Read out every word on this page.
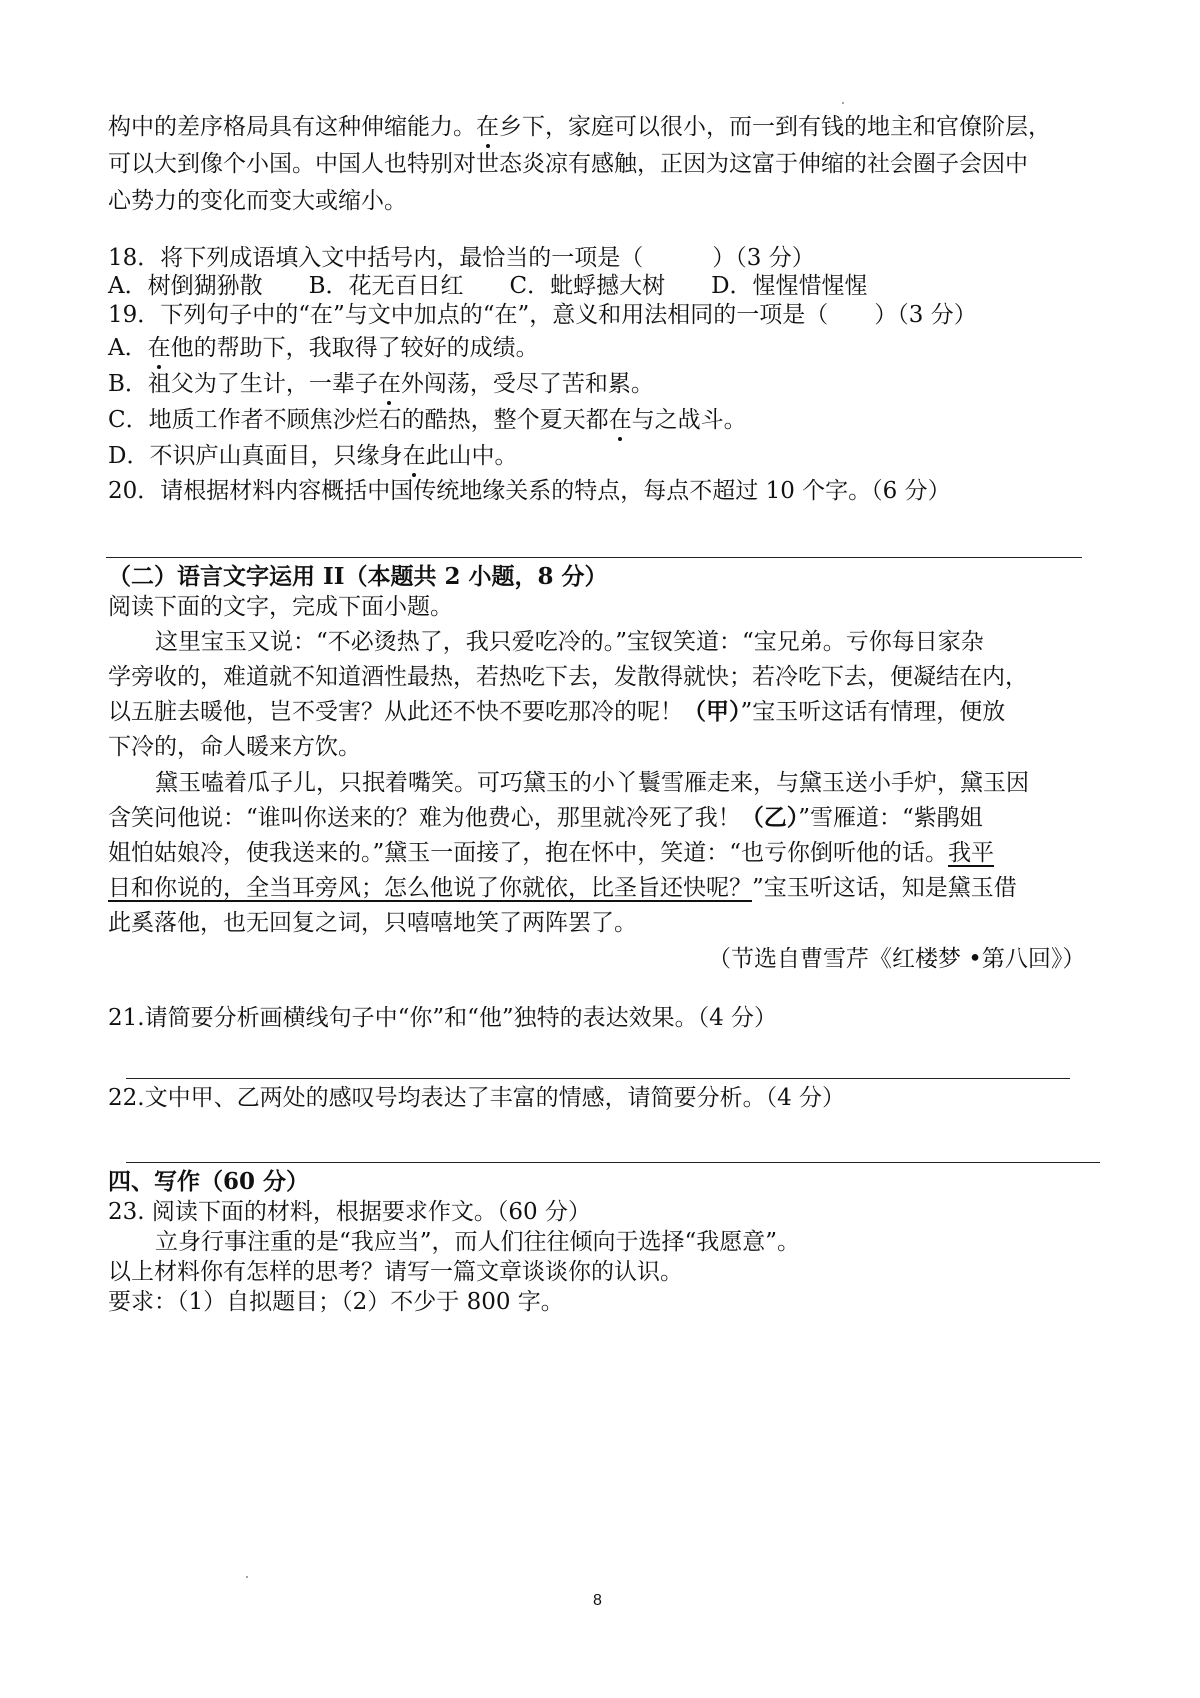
构中的差序格局具有这种伸缩能力。在乡下，家庭可以很小，而一到有钱的地主和官僚阶层，
可以大到像个小国。中国人也特别对世态炎凉有感触，正因为这富于伸缩的社会圈子会因中
心势力的变化而变大或缩小。
18．将下列成语填入文中括号内，最恰当的一项是（　　　）（3 分）
A．树倒猢狲散　　B．花无百日红　　C．蚍蜉撼大树　　D．惺惺惜惺惺
19．下列句子中的“在”与文中加点的“在”，意义和用法相同的一项是（　　）（3 分）
A．在他的帮助下，我取得了较好的成绩。
B．祖父为了生计，一辈子在外闯荡，受尽了苦和累。
C．地质工作者不顾焦沙烂石的酷热，整个夏天都在与之战斗。
D．不识庐山真面目，只缘身在此山中。
20．请根据材料内容概括中国传统地缘关系的特点，每点不超过 10 个字。（6 分）
（二）语言文字运用 II（本题共 2 小题，8 分）
阅读下面的文字，完成下面小题。
这里宝玉又说：“不必烫热了，我只爱吃冷的。”宝钗笑道：“宝兄弟。亏你每日家杂
学旁收的，难道就不知道酒性最热，若热吃下去，发散得就快；若冷吃下去，便凝结在内，
以五脏去暖他，岂不受害？从此还不快不要吃那冷的呢！（甲）”宝玉听这话有情理，便放
下冷的，命人暖来方饮。
黛玉嗑着瓜子儿，只抿着嘴笑。可巧黛玉的小丫鬟雪雁走来，与黛玉送小手炉，黛玉因
含笑问他说：“谁叫你送来的？难为他费心，那里就冷死了我！（乙）”雪雁道：“紫鹃姐
姐怕姑娘冷，使我送来的。”黛玉一面接了，抱在怀中，笑道：“也亏你倒听他的话。我平
日和你说的，全当耳旁风；怎么他说了你就依，比圣旨还快呢？”宝玉听这话，知是黛玉借
此奚落他，也无回复之词，只嘻嘻地笑了两阵罢了。
（节选自曹雪芹《红楼梦 •第八回》）
21.请简要分析画横线句子中“你”和“他”独特的表达效果。（4 分）
22.文中甲、乙两处的感叹号均表达了丰富的情感，请简要分析。（4 分）
四、写作（60 分）
23. 阅读下面的材料，根据要求作文。（60 分）
立身行事注重的是“我应当”，而人们往往倾向于选择“我愿意”。
以上材料你有怎样的思考？请写一篇文章谈谈你的认识。
要求：（1）自拟题目；（2）不少于 800 字。
8
